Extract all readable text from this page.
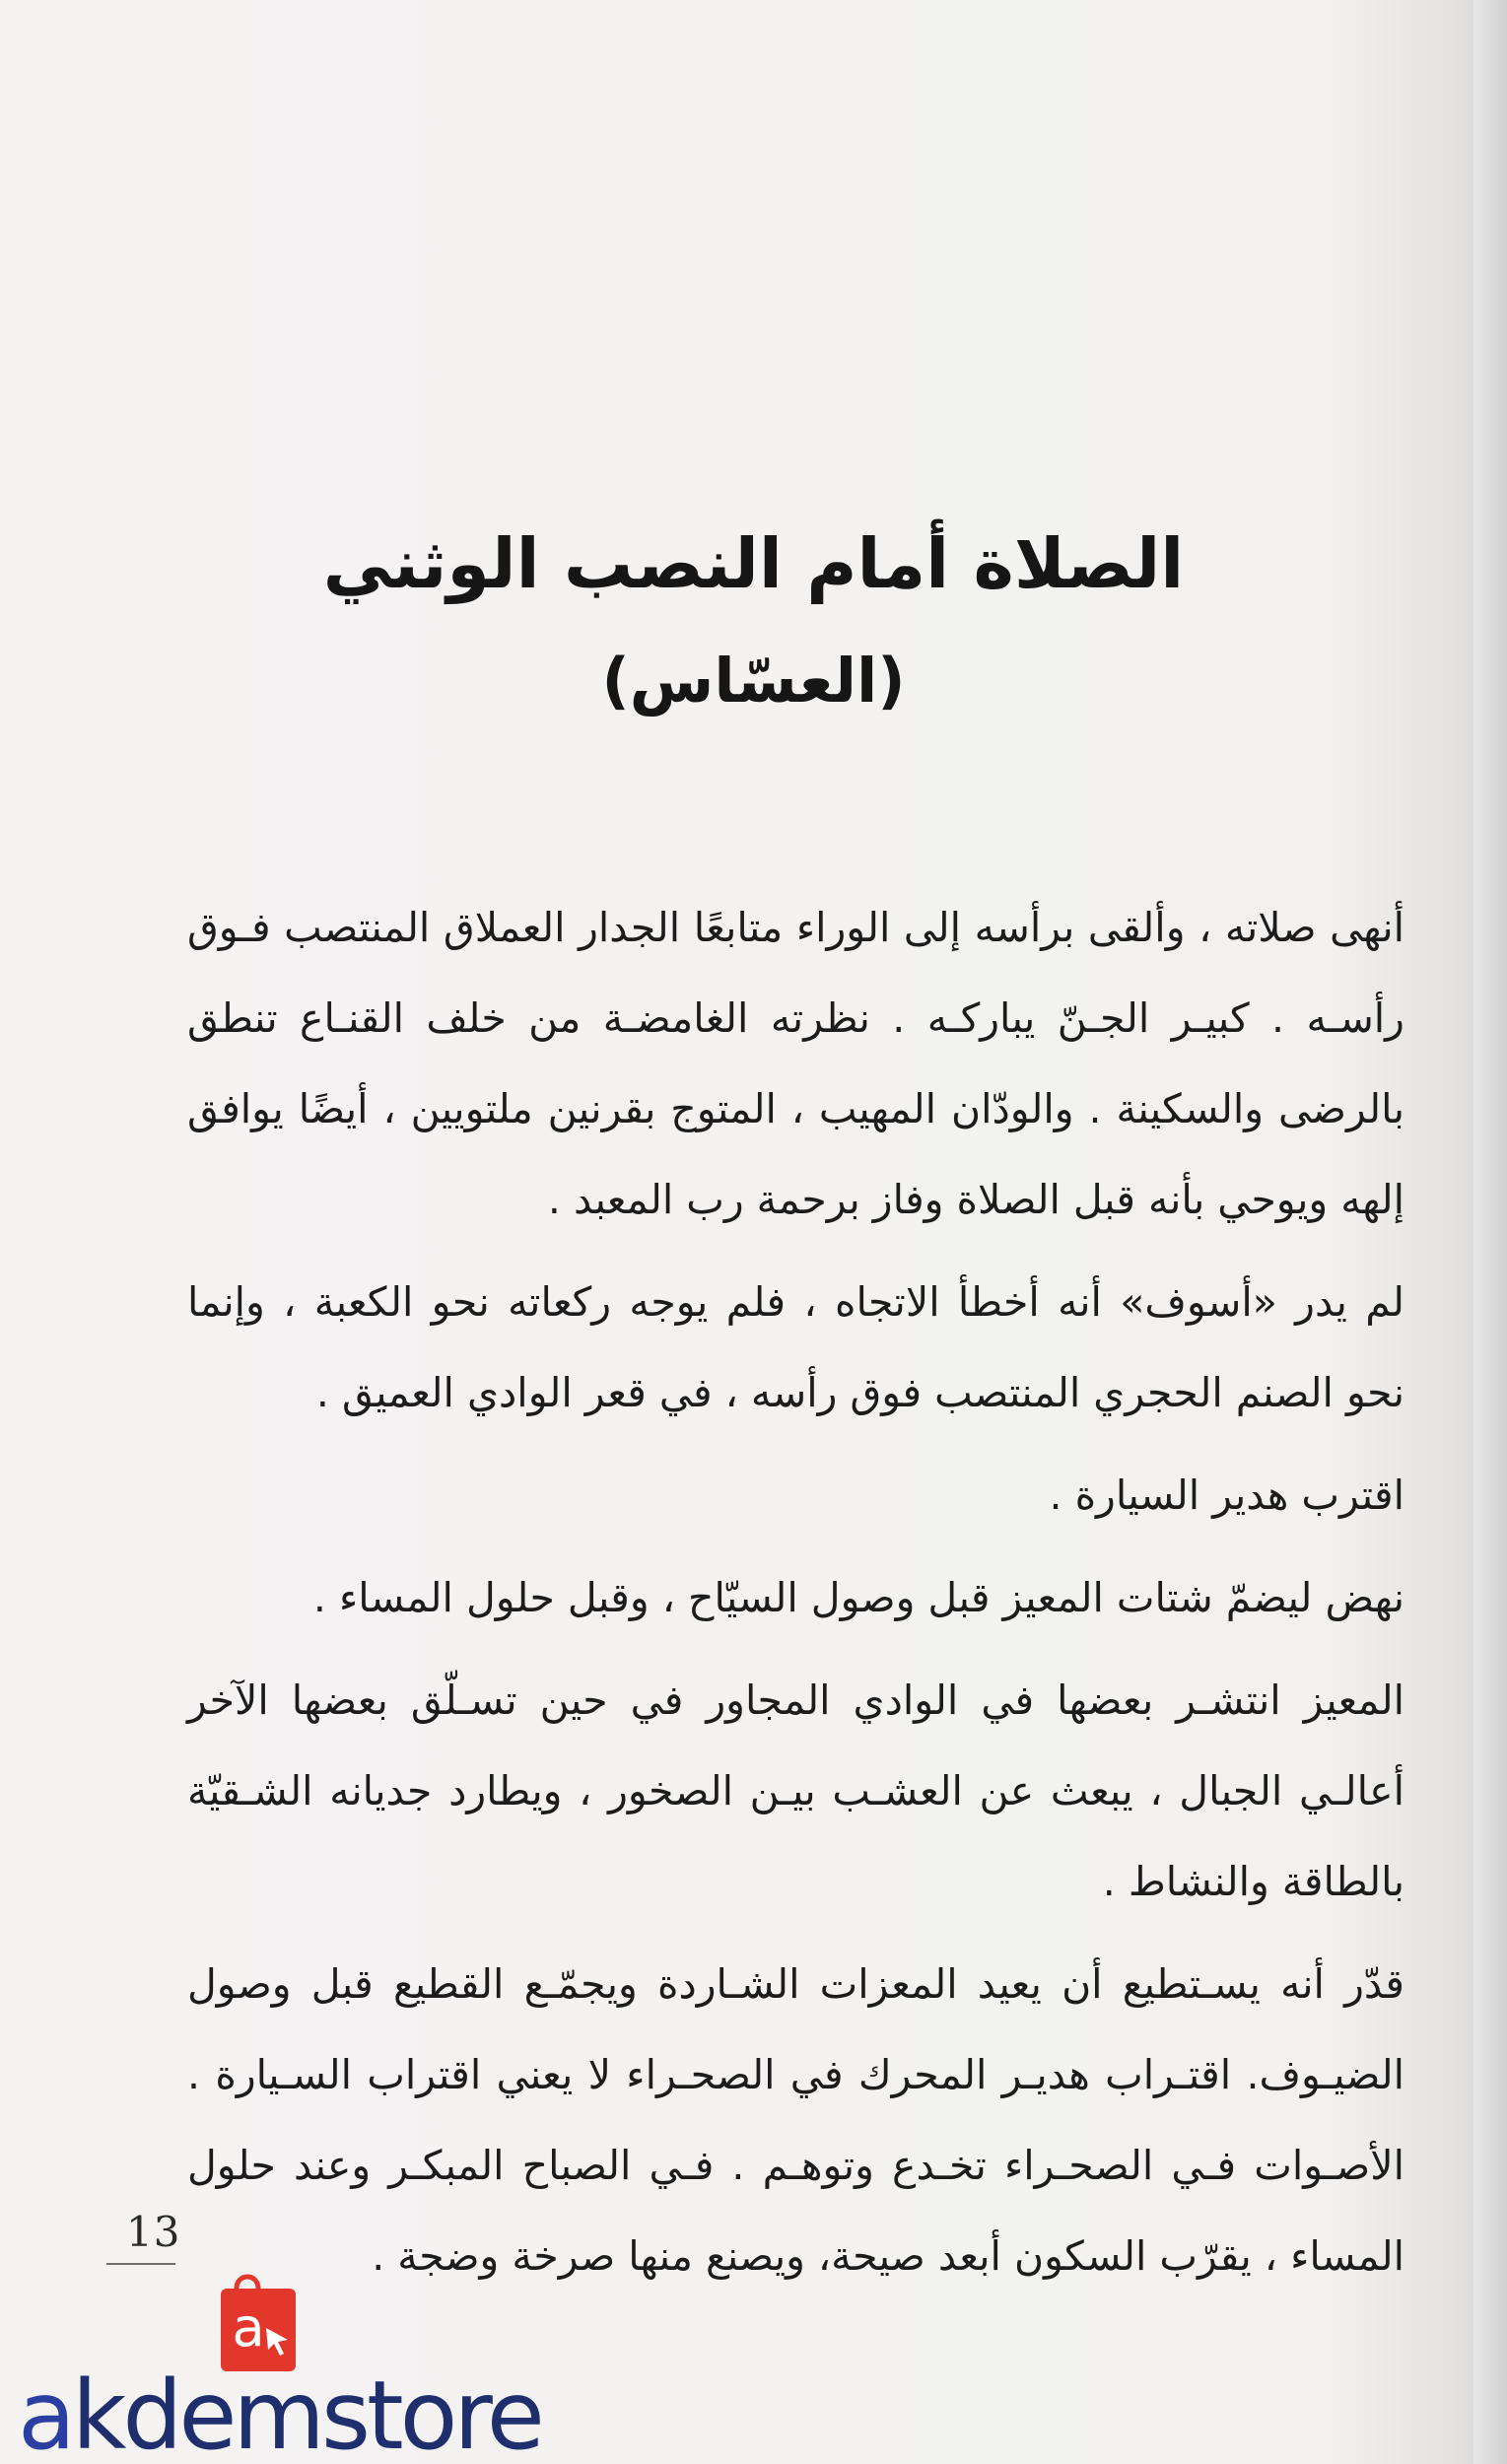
الصلاة أمام النصب الوثني
(العسّاس)

أنهى صلاته ، وألقى برأسه إلى الوراء متابعًا الجدار العملاق المنتصب فـوق رأسـه . كبيـر الجـنّ يباركـه . نظرته الغامضـة من خلف القنـاع تنطق بالرضى والسكينة . والودّان المهيب ، المتوج بقرنين ملتويين ، أيضًا يوافق إلهه ويوحي بأنه قبل الصلاة وفاز برحمة رب المعبد .

لم يدر «أسوف» أنه أخطأ الاتجاه ، فلم يوجه ركعاته نحو الكعبة ، وإنما نحو الصنم الحجري المنتصب فوق رأسه ، في قعر الوادي العميق .

اقترب هدير السيارة .

نهض ليضمّ شتات المعيز قبل وصول السيّاح ، وقبل حلول المساء .

المعيز انتشـر بعضها في الوادي المجاور في حين تسـلّق بعضها الآخر أعالـي الجبال ، يبعث عن العشـب بيـن الصخور ، ويطارد جديانه الشـقيّة بالطاقة والنشاط .

قدّر أنه يسـتطيع أن يعيد المعزات الشـاردة ويجمّـع القطيع قبل وصول الضيـوف. اقتـراب هديـر المحرك في الصحـراء لا يعني اقتراب السـيارة . الأصـوات فـي الصحـراء تخـدع وتوهـم . فـي الصباح المبكـر وعند حلول المساء ، يقرّب السكون أبعد صيحة، ويصنع منها صرخة وضجة .

13
a
akdemstore
